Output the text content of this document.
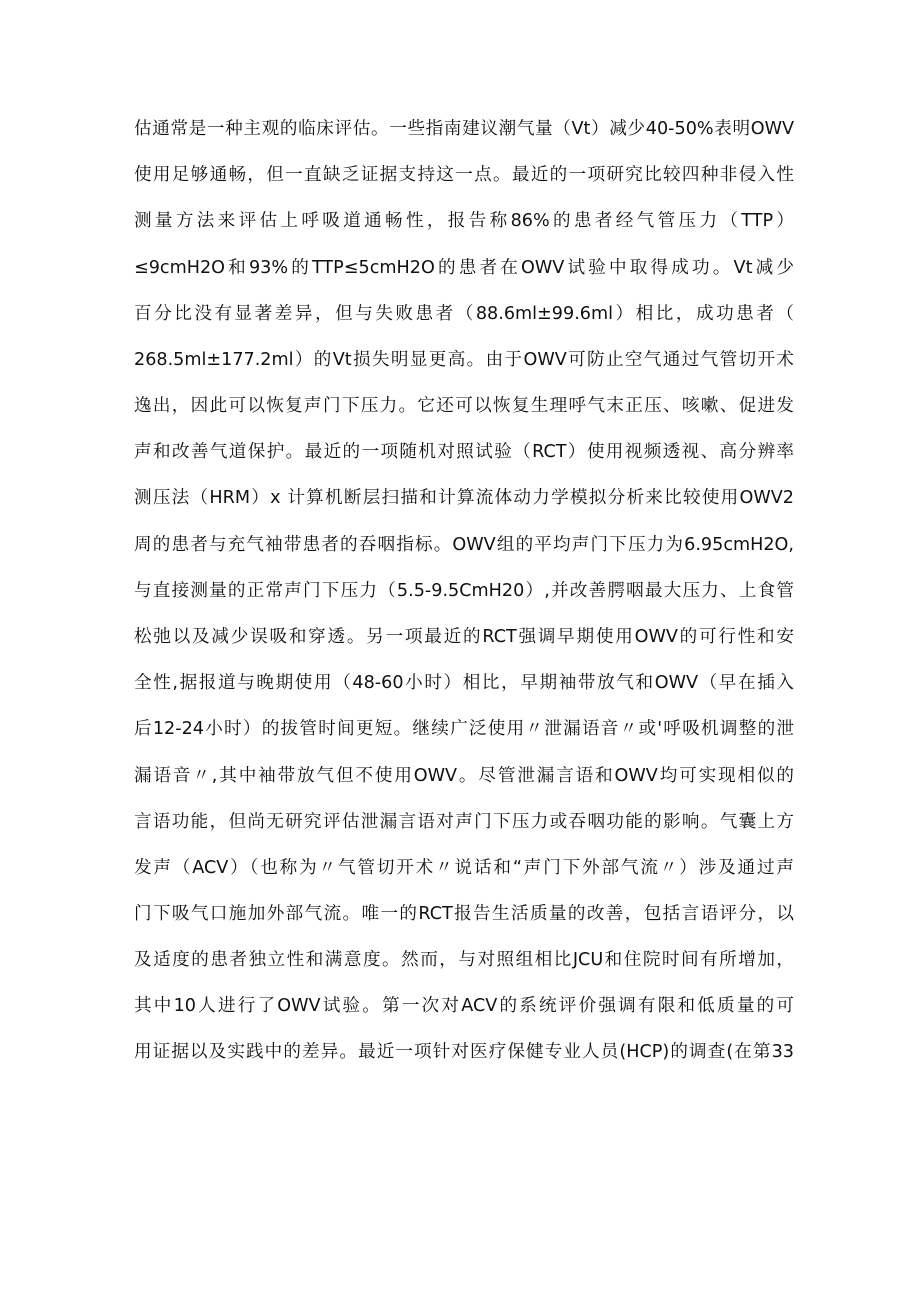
估通常是一种主观的临床评估。一些指南建议潮气量（Vt）减少40-50%表明OWV
使用足够通畅，但一直缺乏证据支持这一点。最近的一项研究比较四种非侵入性
测量方法来评估上呼吸道通畅性，报告称86%的患者经气管压力（TTP）
≤9cmH2O和93%的TTP≤5cmH2O的患者在OWV试验中取得成功。Vt减少
百分比没有显著差异，但与失败患者（88.6ml±99.6ml）相比，成功患者（
268.5ml±177.2ml）的Vt损失明显更高。由于OWV可防止空气通过气管切开术
逸出，因此可以恢复声门下压力。它还可以恢复生理呼气末正压、咳嗽、促进发
声和改善气道保护。最近的一项随机对照试验（RCT）使用视频透视、高分辨率
测压法（HRM）x 计算机断层扫描和计算流体动力学模拟分析来比较使用OWV2
周的患者与充气袖带患者的吞咽指标。OWV组的平均声门下压力为6.95cmH2O,
与直接测量的正常声门下压力（5.5-9.5CmH20）,并改善腭咽最大压力、上食管
松弛以及减少误吸和穿透。另一项最近的RCT强调早期使用OWV的可行性和安
全性,据报道与晚期使用（48-60小时）相比，早期袖带放气和OWV（早在插入
后12-24小时）的拔管时间更短。继续广泛使用〃泄漏语音〃或'呼吸机调整的泄
漏语音〃,其中袖带放气但不使用OWV。尽管泄漏言语和OWV均可实现相似的
言语功能，但尚无研究评估泄漏言语对声门下压力或吞咽功能的影响。气囊上方
发声（ACV）（也称为〃气管切开术〃说话和“声门下外部气流〃）涉及通过声
门下吸气口施加外部气流。唯一的RCT报告生活质量的改善，包括言语评分，以
及适度的患者独立性和满意度。然而，与对照组相比JCU和住院时间有所增加，
其中10人进行了OWV试验。第一次对ACV的系统评价强调有限和低质量的可
用证据以及实践中的差异。最近一项针对医疗保健专业人员(HCP)的调查(在第33
